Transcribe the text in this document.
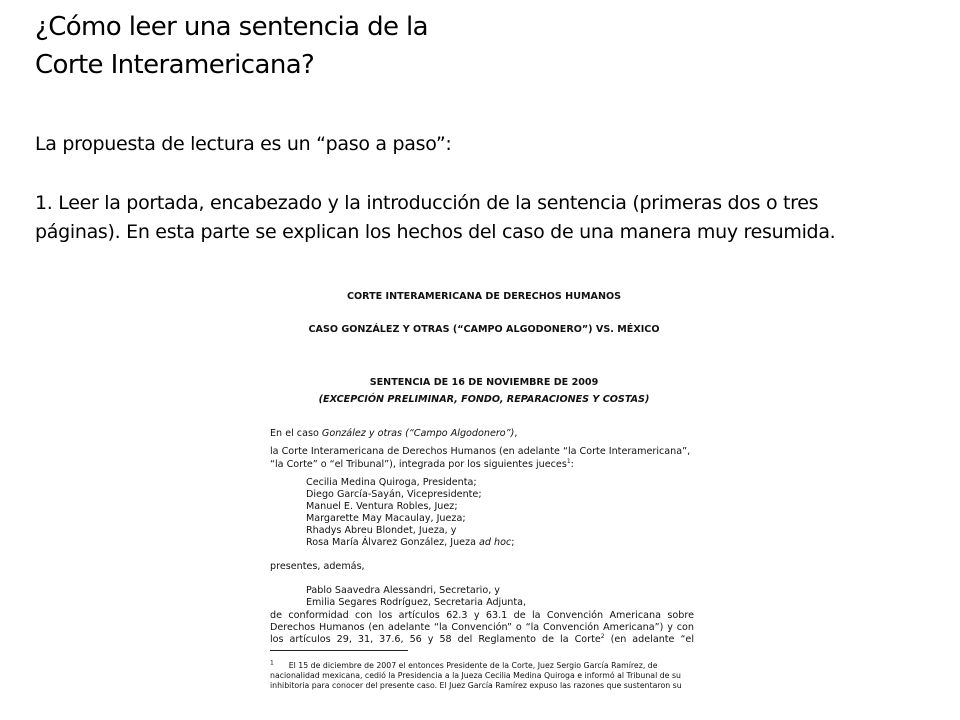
¿Cómo leer una sentencia de la
Corte Interamericana?

La propuesta de lectura es un “paso a paso”:

1. Leer la portada, encabezado y la introducción de la sentencia (primeras dos o tres
páginas). En esta parte se explican los hechos del caso de una manera muy resumida.

CORTE INTERAMERICANA DE DERECHOS HUMANOS
CASO GONZÁLEZ Y OTRAS (“CAMPO ALGODONERO”) VS. MÉXICO
SENTENCIA DE 16 DE NOVIEMBRE DE 2009
(EXCEPCIÓN PRELIMINAR, FONDO, REPARACIONES Y COSTAS)
En el caso González y otras (“Campo Algodonero”),
la Corte Interamericana de Derechos Humanos (en adelante “la Corte Interamericana”,
“la Corte” o “el Tribunal”), integrada por los siguientes jueces$^1$:
Cecilia Medina Quiroga, Presidenta;
Diego García-Sayán, Vicepresidente;
Manuel E. Ventura Robles, Juez;
Margarette May Macaulay, Jueza;
Rhadys Abreu Blondet, Jueza, y
Rosa María Álvarez González, Jueza ad hoc;
presentes, además,
Pablo Saavedra Alessandri, Secretario, y
Emilia Segares Rodríguez, Secretaria Adjunta,
de conformidad con los artículos 62.3 y 63.1 de la Convención Americana sobre
Derechos Humanos (en adelante “la Convención” o “la Convención Americana”) y con
los artículos 29, 31, 37.6, 56 y 58 del Reglamento de la Corte$^2$ (en adelante “el
$^1$ El 15 de diciembre de 2007 el entonces Presidente de la Corte, Juez Sergio García Ramírez, de
nacionalidad mexicana, cedió la Presidencia a la Jueza Cecilia Medina Quiroga e informó al Tribunal de su
inhibitoria para conocer del presente caso. El Juez García Ramírez expuso las razones que sustentaron su
